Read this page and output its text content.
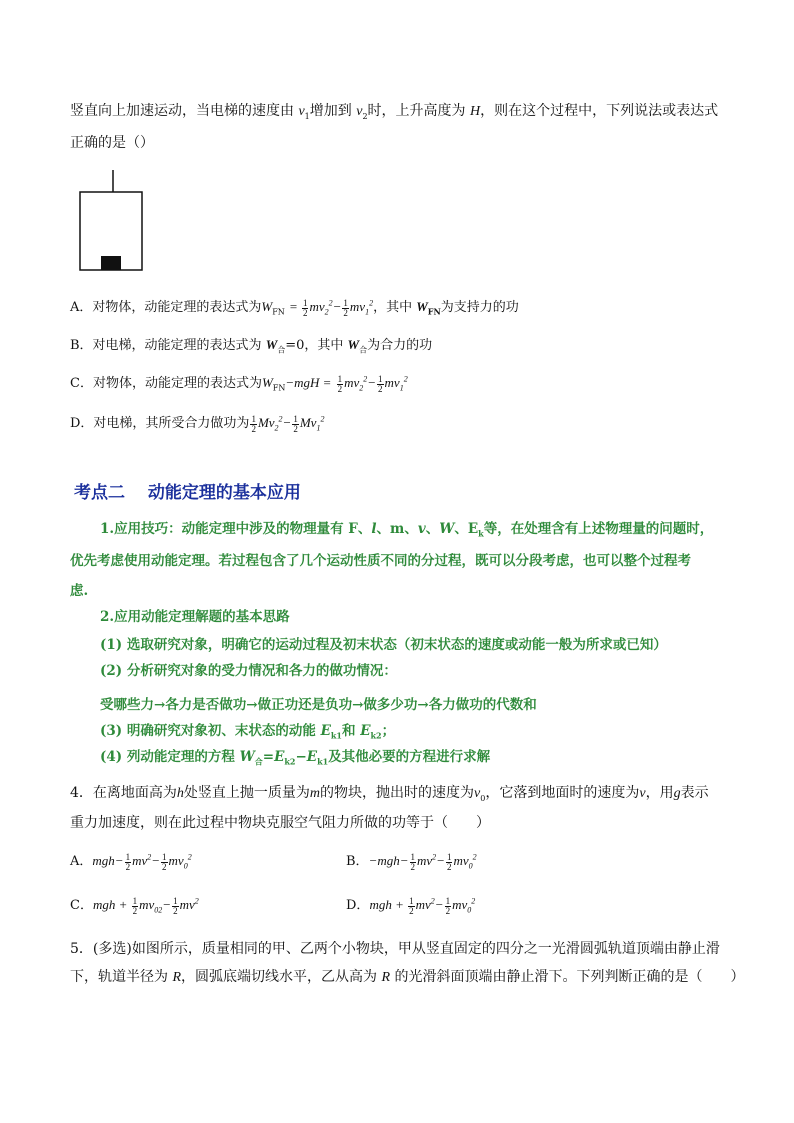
竖直向上加速运动，当电梯的速度由 $v_1$增加到 $v_2$时，上升高度为 H，则在这个过程中，下列说法或表达式
正确的是（）
A．对物体，动能定理的表达式为$W_{FN} = \frac{1}{2} mv_2^2- \frac{1}{2} mv_1^2$，其中 $W_{FN}$为支持力的功
B．对电梯，动能定理的表达式为 $W_合=0$，其中 $W_合$为合力的功
C．对物体，动能定理的表达式为$W_{FN}-mgH = \frac{1}{2} mv_2^2- \frac{1}{2} mv_1^2$
D．对电梯，其所受合力做功为 $\frac{1}{2} Mv_2^2- \frac{1}{2} Mv_1^2$
考点二　 动能定理的基本应用
1.应用技巧：动能定理中涉及的物理量有 F、l、m、v、W、$E_k$等，在处理含有上述物理量的问题时，
优先考虑使用动能定理。若过程包含了几个运动性质不同的分过程，既可以分段考虑，也可以整个过程考
虑.
2.应用动能定理解题的基本思路
(1) 选取研究对象，明确它的运动过程及初末状态（初末状态的速度或动能一般为所求或已知）
(2) 分析研究对象的受力情况和各力的做功情况：
受哪些力→各力是否做功→做正功还是负功→做多少功→各力做功的代数和
(3) 明确研究对象初、末状态的动能 $E_{k1}$和 $E_{k2}$；
(4) 列动能定理的方程 $W_合=E_{k2}-E_{k1}$及其他必要的方程进行求解
4．在离地面高为h处竖直上抛一质量为m的物块，抛出时的速度为$v_0$，它落到地面时的速度为v，用g表示
重力加速度，则在此过程中物块克服空气阻力所做的功等于（　　）
A．$mgh- \frac{1}{2} mv^2- \frac{1}{2} mv_0^2$	B．$-mgh- \frac{1}{2} mv^2- \frac{1}{2} mv_0^2$
C．mgh + $\frac{1}{2} mv_{02}- \frac{1}{2} mv^2$	D．mgh + $\frac{1}{2} mv^2- \frac{1}{2} mv_0^2$
5．(多选)如图所示，质量相同的甲、乙两个小物块，甲从竖直固定的四分之一光滑圆弧轨道顶端由静止滑
下，轨道半径为 R，圆弧底端切线水平，乙从高为 R 的光滑斜面顶端由静止滑下。下列判断正确的是（　　）
